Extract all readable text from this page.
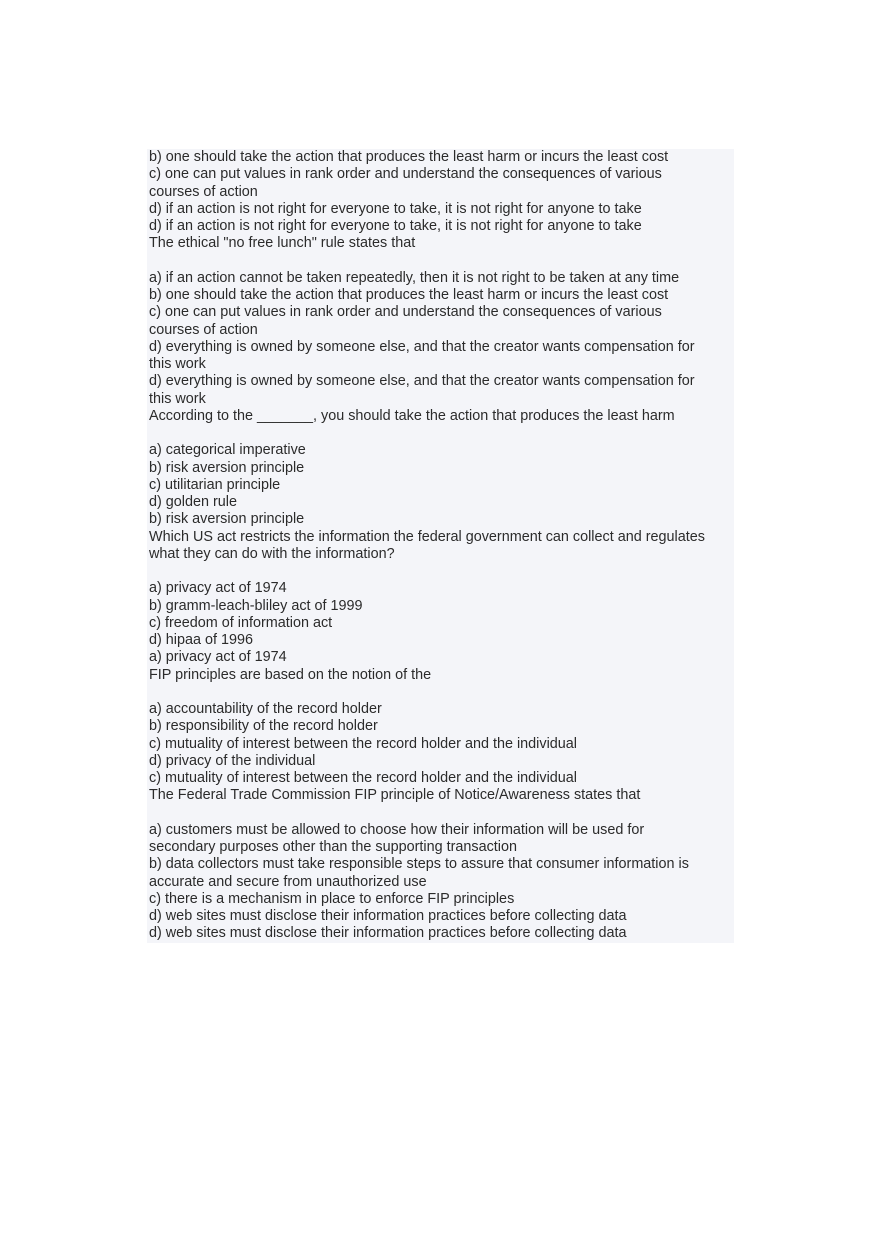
b) one should take the action that produces the least harm or incurs the least cost
c) one can put values in rank order and understand the consequences of various
courses of action
d) if an action is not right for everyone to take, it is not right for anyone to take
d) if an action is not right for everyone to take, it is not right for anyone to take
The ethical "no free lunch" rule states that
a) if an action cannot be taken repeatedly, then it is not right to be taken at any time
b) one should take the action that produces the least harm or incurs the least cost
c) one can put values in rank order and understand the consequences of various
courses of action
d) everything is owned by someone else, and that the creator wants compensation for
this work
d) everything is owned by someone else, and that the creator wants compensation for
this work
According to the _______, you should take the action that produces the least harm
a) categorical imperative
b) risk aversion principle
c) utilitarian principle
d) golden rule
b) risk aversion principle
Which US act restricts the information the federal government can collect and regulates
what they can do with the information?
a) privacy act of 1974
b) gramm-leach-bliley act of 1999
c) freedom of information act
d) hipaa of 1996
a) privacy act of 1974
FIP principles are based on the notion of the
a) accountability of the record holder
b) responsibility of the record holder
c) mutuality of interest between the record holder and the individual
d) privacy of the individual
c) mutuality of interest between the record holder and the individual
The Federal Trade Commission FIP principle of Notice/Awareness states that
a) customers must be allowed to choose how their information will be used for
secondary purposes other than the supporting transaction
b) data collectors must take responsible steps to assure that consumer information is
accurate and secure from unauthorized use
c) there is a mechanism in place to enforce FIP principles
d) web sites must disclose their information practices before collecting data
d) web sites must disclose their information practices before collecting data
